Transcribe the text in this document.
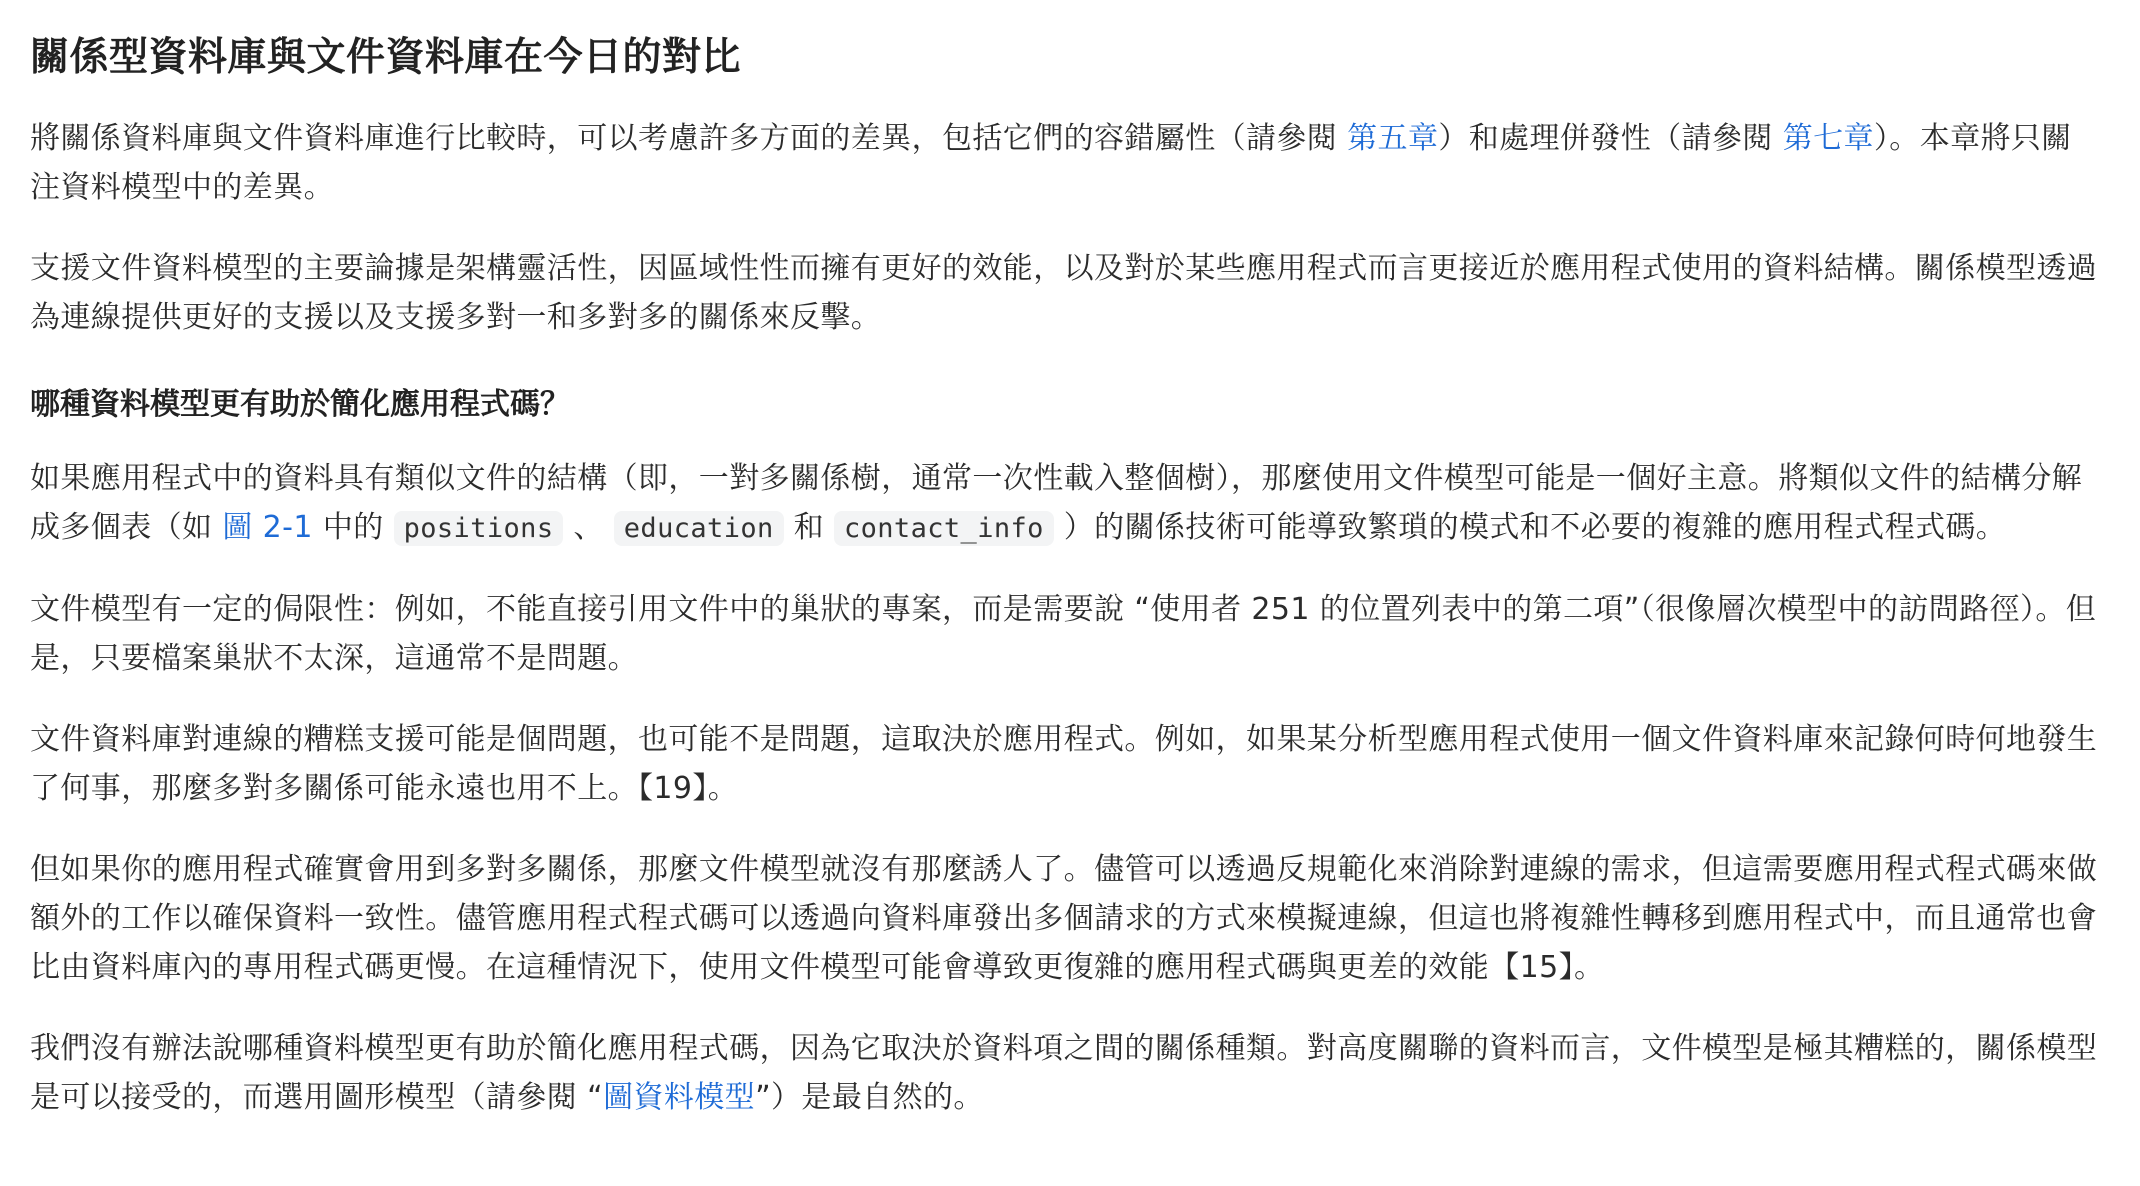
關係型資料庫與文件資料庫在今日的對比

將關係資料庫與文件資料庫進行比較時，可以考慮許多方面的差異，包括它們的容錯屬性（請參閱 第五章）和處理併發性（請參閱 第七章）。本章將只關注資料模型中的差異。

支援文件資料模型的主要論據是架構靈活性，因區域性性而擁有更好的效能，以及對於某些應用程式而言更接近於應用程式使用的資料結構。關係模型透過為連線提供更好的支援以及支援多對一和多對多的關係來反擊。

哪種資料模型更有助於簡化應用程式碼？

如果應用程式中的資料具有類似文件的結構（即，一對多關係樹，通常一次性載入整個樹），那麼使用文件模型可能是一個好主意。將類似文件的結構分解成多個表（如 圖 2-1 中的 positions 、 education 和 contact_info ）的關係技術可能導致繁瑣的模式和不必要的複雜的應用程式程式碼。

文件模型有一定的侷限性：例如，不能直接引用文件中的巢狀的專案，而是需要說 “使用者 251 的位置列表中的第二項”（很像層次模型中的訪問路徑）。但是，只要檔案巢狀不太深，這通常不是問題。

文件資料庫對連線的糟糕支援可能是個問題，也可能不是問題，這取決於應用程式。例如，如果某分析型應用程式使用一個文件資料庫來記錄何時何地發生了何事，那麼多對多關係可能永遠也用不上。【19】。

但如果你的應用程式確實會用到多對多關係，那麼文件模型就沒有那麼誘人了。儘管可以透過反規範化來消除對連線的需求，但這需要應用程式程式碼來做額外的工作以確保資料一致性。儘管應用程式程式碼可以透過向資料庫發出多個請求的方式來模擬連線，但這也將複雜性轉移到應用程式中，而且通常也會比由資料庫內的專用程式碼更慢。在這種情況下，使用文件模型可能會導致更復雜的應用程式碼與更差的效能【15】。

我們沒有辦法說哪種資料模型更有助於簡化應用程式碼，因為它取決於資料項之間的關係種類。對高度關聯的資料而言，文件模型是極其糟糕的，關係模型是可以接受的，而選用圖形模型（請參閱 “圖資料模型”）是最自然的。
